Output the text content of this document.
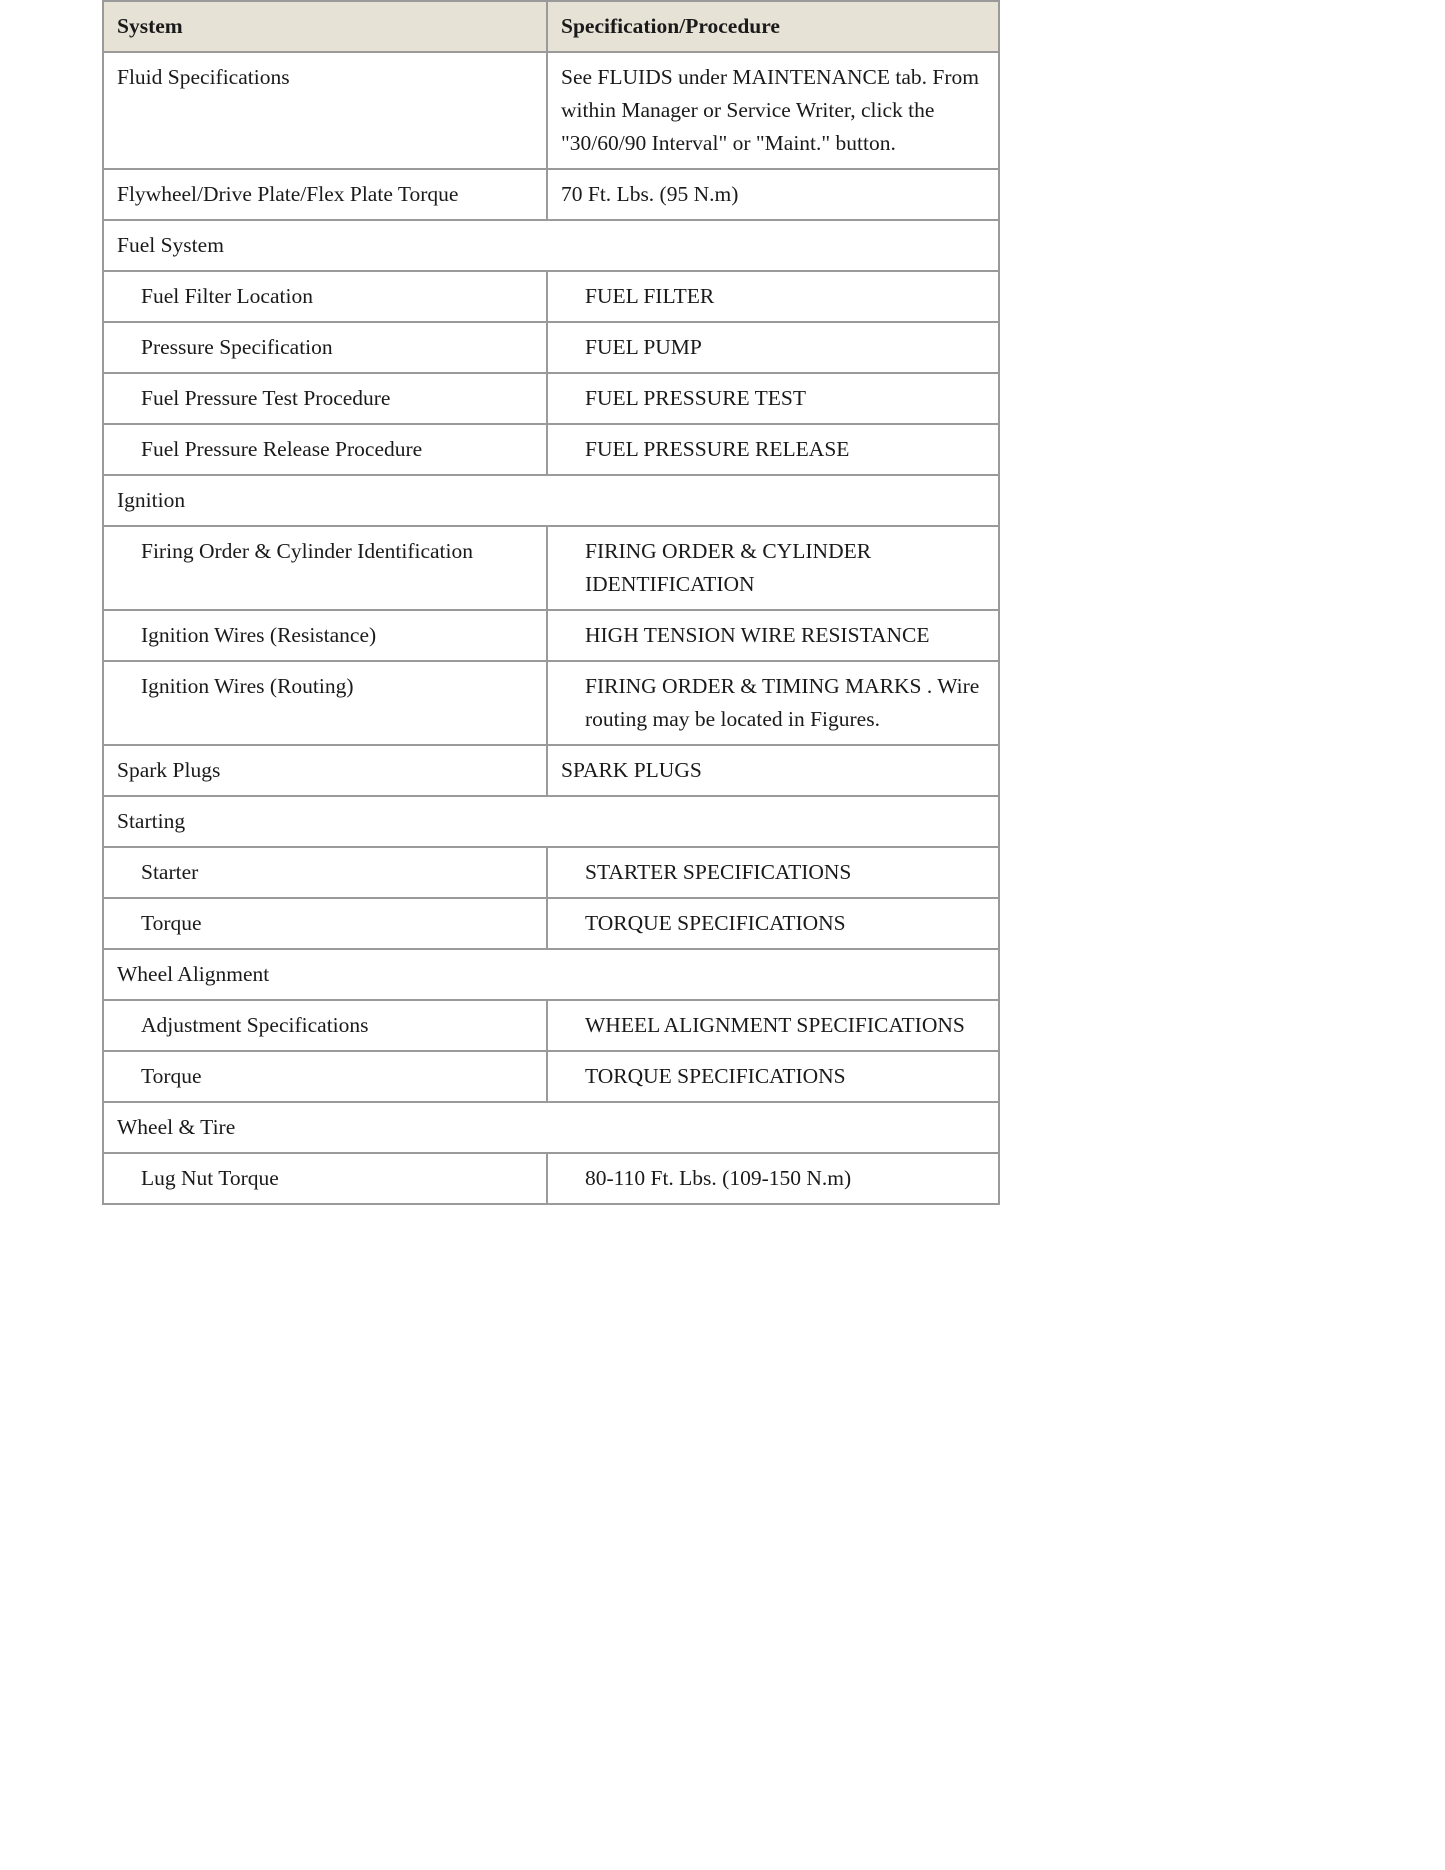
System	Specification/Procedure
Fluid Specifications	See FLUIDS under MAINTENANCE tab. From within Manager or Service Writer, click the "30/60/90 Interval" or "Maint." button.
Flywheel/Drive Plate/Flex Plate Torque	70 Ft. Lbs. (95 N.m)
Fuel System	
Fuel Filter Location	FUEL FILTER
Pressure Specification	FUEL PUMP
Fuel Pressure Test Procedure	FUEL PRESSURE TEST
Fuel Pressure Release Procedure	FUEL PRESSURE RELEASE
Ignition	
Firing Order & Cylinder Identification	FIRING ORDER & CYLINDER IDENTIFICATION
Ignition Wires (Resistance)	HIGH TENSION WIRE RESISTANCE
Ignition Wires (Routing)	FIRING ORDER & TIMING MARKS . Wire routing may be located in Figures.
Spark Plugs	SPARK PLUGS
Starting	
Starter	STARTER SPECIFICATIONS
Torque	TORQUE SPECIFICATIONS
Wheel Alignment	
Adjustment Specifications	WHEEL ALIGNMENT SPECIFICATIONS
Torque	TORQUE SPECIFICATIONS
Wheel & Tire	
Lug Nut Torque	80-110 Ft. Lbs. (109-150 N.m)
